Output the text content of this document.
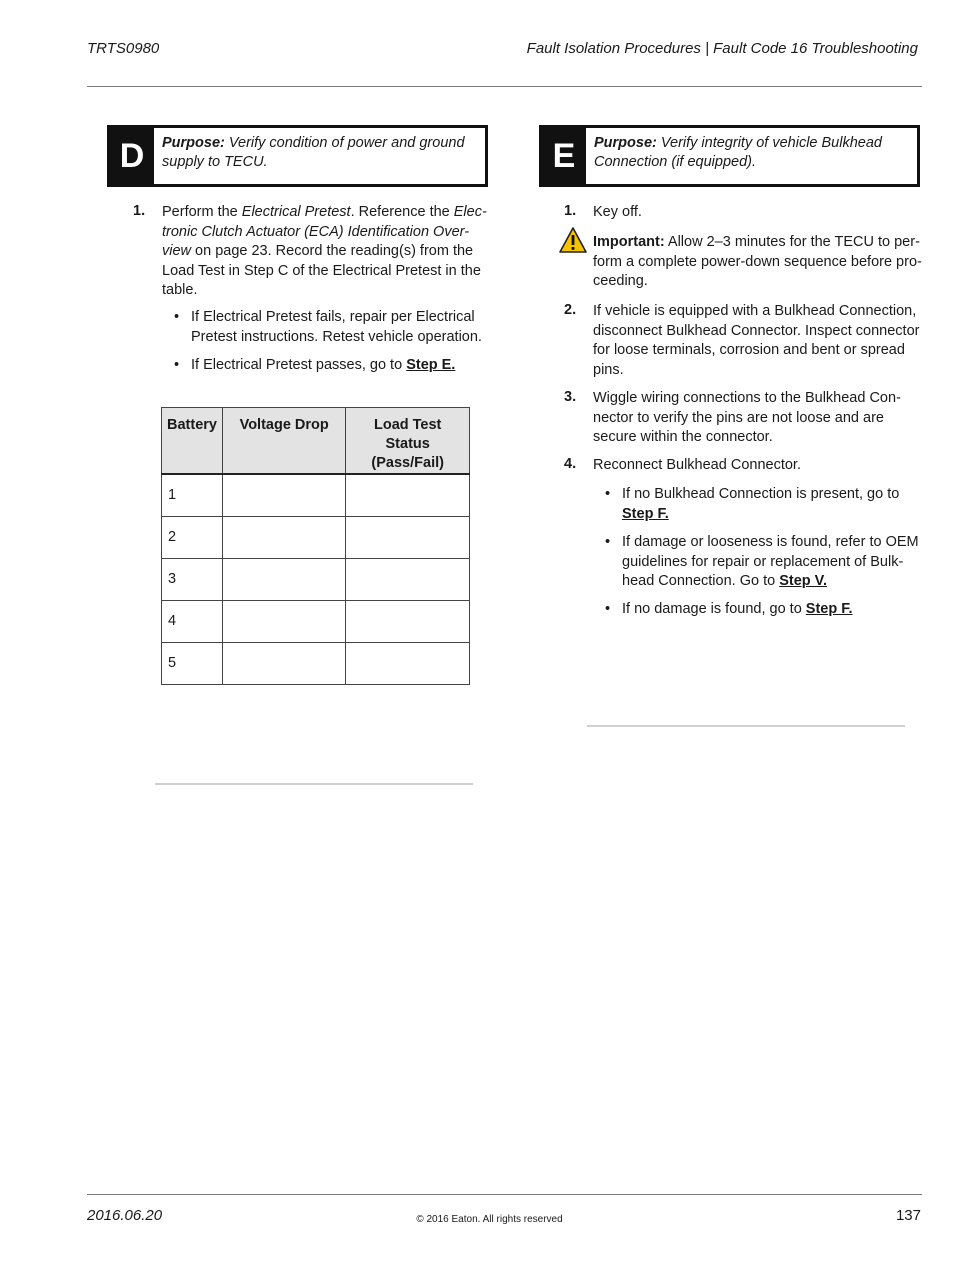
TRTS0980	Fault Isolation Procedures | Fault Code 16 Troubleshooting
D	Purpose: Verify condition of power and ground supply to TECU.
1. Perform the Electrical Pretest. Reference the Elec-
tronic Clutch Actuator (ECA) Identification Over-
view on page 23. Record the reading(s) from the
Load Test in Step C of the Electrical Pretest in the
table.
• If Electrical Pretest fails, repair per Electrical
Pretest instructions. Retest vehicle operation.
• If Electrical Pretest passes, go to Step E.
Battery	Voltage Drop	Load Test Status (Pass/Fail)
1		
2		
3		
4		
5		
E	Purpose: Verify integrity of vehicle Bulkhead Connection (if equipped).
1. Key off.
Important: Allow 2–3 minutes for the TECU to per-
form a complete power-down sequence before pro-
ceeding.
2. If vehicle is equipped with a Bulkhead Connection,
disconnect Bulkhead Connector. Inspect connector
for loose terminals, corrosion and bent or spread
pins.
3. Wiggle wiring connections to the Bulkhead Con-
nector to verify the pins are not loose and are
secure within the connector.
4. Reconnect Bulkhead Connector.
• If no Bulkhead Connection is present, go to
Step F.
• If damage or looseness is found, refer to OEM
guidelines for repair or replacement of Bulk-
head Connection. Go to Step V.
• If no damage is found, go to Step F.
2016.06.20	© 2016 Eaton. All rights reserved	137
